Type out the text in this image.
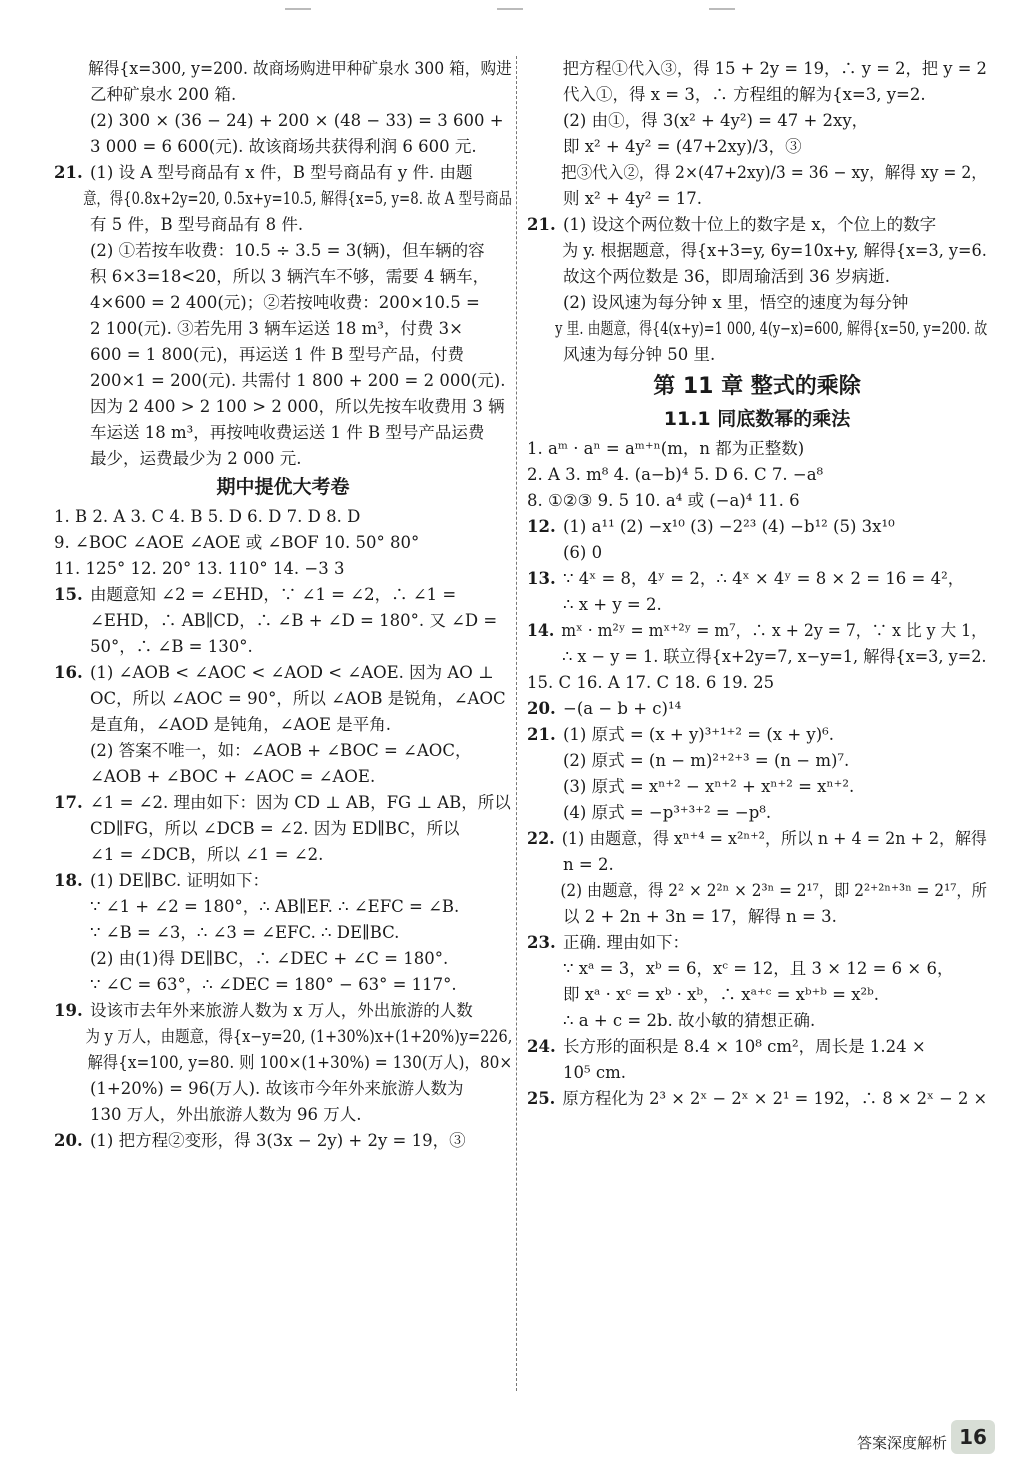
解得{x=300, y=200. 故商场购进甲种矿泉水 300 箱，购进
乙种矿泉水 200 箱.
(2) 300 × (36 − 24) + 200 × (48 − 33) = 3 600 +
3 000 = 6 600(元). 故该商场共获得利润 6 600 元.
21. (1) 设 A 型号商品有 x 件，B 型号商品有 y 件. 由题
意，得{0.8x+2y=20, 0.5x+y=10.5, 解得{x=5, y=8. 故 A 型号商品
有 5 件，B 型号商品有 8 件.
(2) ①若按车收费：10.5 ÷ 3.5 = 3(辆)，但车辆的容
积 6×3=18<20，所以 3 辆汽车不够，需要 4 辆车，
4×600 = 2 400(元)；②若按吨收费：200×10.5 =
2 100(元). ③若先用 3 辆车运送 18 m³，付费 3×
600 = 1 800(元)，再运送 1 件 B 型号产品，付费
200×1 = 200(元). 共需付 1 800 + 200 = 2 000(元).
因为 2 400 > 2 100 > 2 000，所以先按车收费用 3 辆
车运送 18 m³，再按吨收费运送 1 件 B 型号产品运费
最少，运费最少为 2 000 元.
期中提优大考卷
1. B 2. A 3. C 4. B 5. D 6. D 7. D 8. D
9. ∠BOC ∠AOE ∠AOE 或 ∠BOF 10. 50° 80°
11. 125° 12. 20° 13. 110° 14. −3 3
15. 由题意知 ∠2 = ∠EHD，∵ ∠1 = ∠2，∴ ∠1 =
∠EHD，∴ AB∥CD，∴ ∠B + ∠D = 180°. 又 ∠D =
50°，∴ ∠B = 130°.
16. (1) ∠AOB < ∠AOC < ∠AOD < ∠AOE. 因为 AO ⊥
OC，所以 ∠AOC = 90°，所以 ∠AOB 是锐角，∠AOC
是直角，∠AOD 是钝角，∠AOE 是平角.
(2) 答案不唯一，如：∠AOB + ∠BOC = ∠AOC，
∠AOB + ∠BOC + ∠AOC = ∠AOE.
17. ∠1 = ∠2. 理由如下：因为 CD ⊥ AB，FG ⊥ AB，所以
CD∥FG，所以 ∠DCB = ∠2. 因为 ED∥BC，所以
∠1 = ∠DCB，所以 ∠1 = ∠2.
18. (1) DE∥BC. 证明如下：
∵ ∠1 + ∠2 = 180°，∴ AB∥EF. ∴ ∠EFC = ∠B.
∵ ∠B = ∠3，∴ ∠3 = ∠EFC. ∴ DE∥BC.
(2) 由(1)得 DE∥BC，∴ ∠DEC + ∠C = 180°.
∵ ∠C = 63°，∴ ∠DEC = 180° − 63° = 117°.
19. 设该市去年外来旅游人数为 x 万人，外出旅游的人数
为 y 万人，由题意，得{x−y=20, (1+30%)x+(1+20%)y=226,
解得{x=100, y=80. 则 100×(1+30%) = 130(万人)，80×
(1+20%) = 96(万人). 故该市今年外来旅游人数为
130 万人，外出旅游人数为 96 万人.
20. (1) 把方程②变形，得 3(3x − 2y) + 2y = 19，③
把方程①代入③，得 15 + 2y = 19，∴ y = 2，把 y = 2
代入①，得 x = 3，∴ 方程组的解为{x=3, y=2.
(2) 由①，得 3(x² + 4y²) = 47 + 2xy，
即 x² + 4y² = (47+2xy)/3，③
把③代入②，得 2×(47+2xy)/3 = 36 − xy，解得 xy = 2，
则 x² + 4y² = 17.
21. (1) 设这个两位数十位上的数字是 x，个位上的数字
为 y. 根据题意，得{x+3=y, 6y=10x+y, 解得{x=3, y=6.
故这个两位数是 36，即周瑜活到 36 岁病逝.
(2) 设风速为每分钟 x 里，悟空的速度为每分钟
y 里. 由题意，得{4(x+y)=1 000, 4(y−x)=600, 解得{x=50, y=200. 故
风速为每分钟 50 里.
第 11 章 整式的乘除
11.1 同底数幂的乘法
1. aᵐ · aⁿ = aᵐ⁺ⁿ(m，n 都为正整数)
2. A 3. m⁸ 4. (a−b)⁴ 5. D 6. C 7. −a⁸
8. ①②③ 9. 5 10. a⁴ 或 (−a)⁴ 11. 6
12. (1) a¹¹ (2) −x¹⁰ (3) −2²³ (4) −b¹² (5) 3x¹⁰
(6) 0
13. ∵ 4ˣ = 8，4ʸ = 2，∴ 4ˣ × 4ʸ = 8 × 2 = 16 = 4²，
∴ x + y = 2.
14. mˣ · m²ʸ = mˣ⁺²ʸ = m⁷，∴ x + 2y = 7，∵ x 比 y 大 1，
∴ x − y = 1. 联立得{x+2y=7, x−y=1, 解得{x=3, y=2.
15. C 16. A 17. C 18. 6 19. 25
20. −(a − b + c)¹⁴
21. (1) 原式 = (x + y)³⁺¹⁺² = (x + y)⁶.
(2) 原式 = (n − m)²⁺²⁺³ = (n − m)⁷.
(3) 原式 = xⁿ⁺² − xⁿ⁺² + xⁿ⁺² = xⁿ⁺².
(4) 原式 = −p³⁺³⁺² = −p⁸.
22. (1) 由题意，得 xⁿ⁺⁴ = x²ⁿ⁺²，所以 n + 4 = 2n + 2，解得
n = 2.
(2) 由题意，得 2² × 2²ⁿ × 2³ⁿ = 2¹⁷，即 2²⁺²ⁿ⁺³ⁿ = 2¹⁷，所
以 2 + 2n + 3n = 17，解得 n = 3.
23. 正确. 理由如下：
∵ xᵃ = 3，xᵇ = 6，xᶜ = 12，且 3 × 12 = 6 × 6，
即 xᵃ · xᶜ = xᵇ · xᵇ，∴ xᵃ⁺ᶜ = xᵇ⁺ᵇ = x²ᵇ.
∴ a + c = 2b. 故小敏的猜想正确.
24. 长方形的面积是 8.4 × 10⁸ cm²，周长是 1.24 ×
10⁵ cm.
25. 原方程化为 2³ × 2ˣ − 2ˣ × 2¹ = 192，∴ 8 × 2ˣ − 2 ×
答案深度解析 16
